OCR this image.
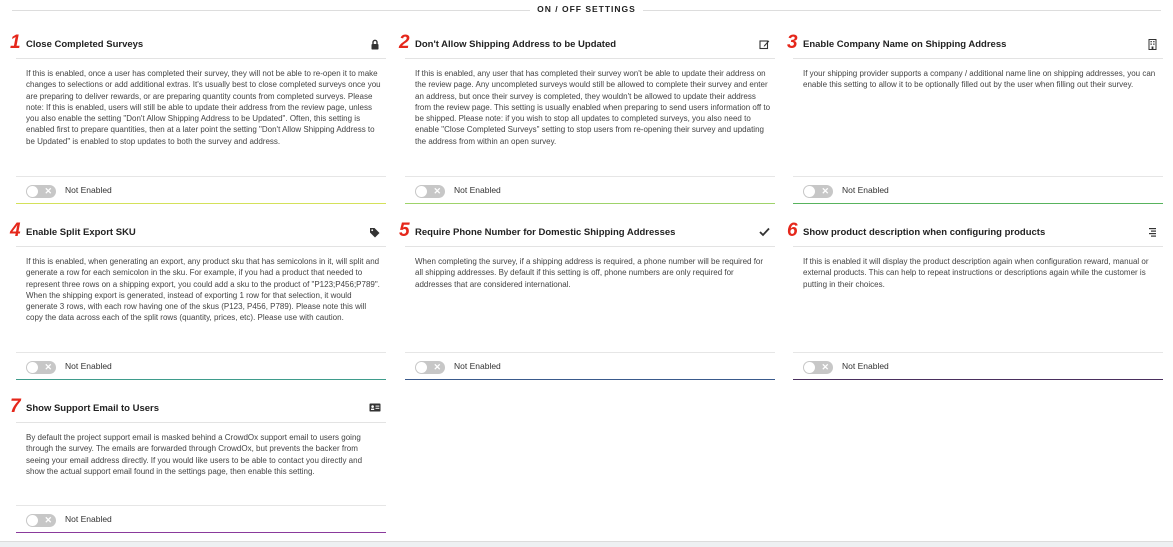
ON / OFF SETTINGS
1 Close Completed Surveys
If this is enabled, once a user has completed their survey, they will not be able to re-open it to make changes to selections or add additional extras. It's usually best to close completed surveys once you are preparing to deliver rewards, or are preparing quantity counts from completed surveys. Please note: If this is enabled, users will still be able to update their address from the review page, unless you also enable the setting "Don't Allow Shipping Address to be Updated". Often, this setting is enabled first to prepare quantities, then at a later point the setting "Don't Allow Shipping Address to be Updated" is enabled to stop updates to both the survey and address.
✕ Not Enabled
2 Don't Allow Shipping Address to be Updated
If this is enabled, any user that has completed their survey won't be able to update their address on the review page. Any uncompleted surveys would still be allowed to complete their survey and enter an address, but once their survey is completed, they wouldn't be allowed to update their address from the review page. This setting is usually enabled when preparing to send users information off to be shipped. Please note: if you wish to stop all updates to completed surveys, you also need to enable "Close Completed Surveys" setting to stop users from re-opening their survey and updating the address from within an open survey.
✕ Not Enabled
3 Enable Company Name on Shipping Address
If your shipping provider supports a company / additional name line on shipping addresses, you can enable this setting to allow it to be optionally filled out by the user when filling out their survey.
✕ Not Enabled
4 Enable Split Export SKU
If this is enabled, when generating an export, any product sku that has semicolons in it, will split and generate a row for each semicolon in the sku. For example, if you had a product that needed to represent three rows on a shipping export, you could add a sku to the product of "P123;P456;P789". When the shipping export is generated, instead of exporting 1 row for that selection, it would generate 3 rows, with each row having one of the skus (P123, P456, P789). Please note this will copy the data across each of the split rows (quantity, prices, etc). Please use with caution.
✕ Not Enabled
5 Require Phone Number for Domestic Shipping Addresses
When completing the survey, if a shipping address is required, a phone number will be required for all shipping addresses. By default if this setting is off, phone numbers are only required for addresses that are considered international.
✕ Not Enabled
6 Show product description when configuring products
If this is enabled it will display the product description again when configuration reward, manual or external products. This can help to repeat instructions or descriptions again while the customer is putting in their choices.
✕ Not Enabled
7 Show Support Email to Users
By default the project support email is masked behind a CrowdOx support email to users going through the survey. The emails are forwarded through CrowdOx, but prevents the backer from seeing your email address directly. If you would like users to be able to contact you directly and show the actual support email found in the settings page, then enable this setting.
✕ Not Enabled
